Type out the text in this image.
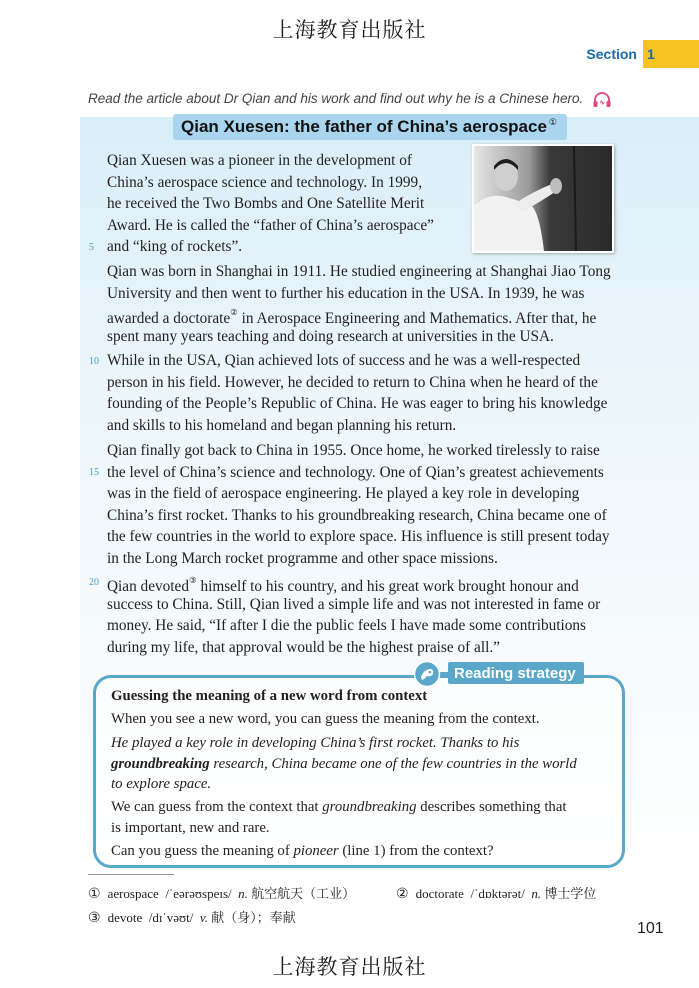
上海教育出版社
Section 1
Read the article about Dr Qian and his work and find out why he is a Chinese hero.
Qian Xuesen: the father of China’s aerospace①
5
10
15
20

Qian Xuesen was a pioneer in the development of

China’s aerospace science and technology. In 1999,

he received the Two Bombs and One Satellite Merit

Award. He is called the “father of China’s aerospace”

and “king of rockets”.

Qian was born in Shanghai in 1911. He studied engineering at Shanghai Jiao Tong

University and then went to further his education in the USA. In 1939, he was

awarded a doctorate② in Aerospace Engineering and Mathematics. After that, he

spent many years teaching and doing research at universities in the USA.

While in the USA, Qian achieved lots of success and he was a well-respected

person in his field. However, he decided to return to China when he heard of the

founding of the People’s Republic of China. He was eager to bring his knowledge

and skills to his homeland and began planning his return.

Qian finally got back to China in 1955. Once home, he worked tirelessly to raise

the level of China’s science and technology. One of Qian’s greatest achievements

was in the field of aerospace engineering. He played a key role in developing

China’s first rocket. Thanks to his groundbreaking research, China became one of

the few countries in the world to explore space. His influence is still present today

in the Long March rocket programme and other space missions.

Qian devoted③ himself to his country, and his great work brought honour and

success to China. Still, Qian lived a simple life and was not interested in fame or

money. He said, “If after I die the public feels I have made some contributions

during my life, that approval would be the highest praise of all.”

Reading strategy

Guessing the meaning of a new word from context

When you see a new word, you can guess the meaning from the context.

He played a key role in developing China’s first rocket. Thanks to his

groundbreaking research, China became one of the few countries in the world

to explore space.

We can guess from the context that groundbreaking describes something that

is important, new and rare.

Can you guess the meaning of pioneer (line 1) from the context?

① aerospace /ˈeərəʊspeɪs/ n. 航空航天（工业）	② doctorate /ˈdɒktərət/ n. 博士学位
③ devote /dɪˈvəʊt/ v. 献（身）；奉献
101
上海教育出版社
